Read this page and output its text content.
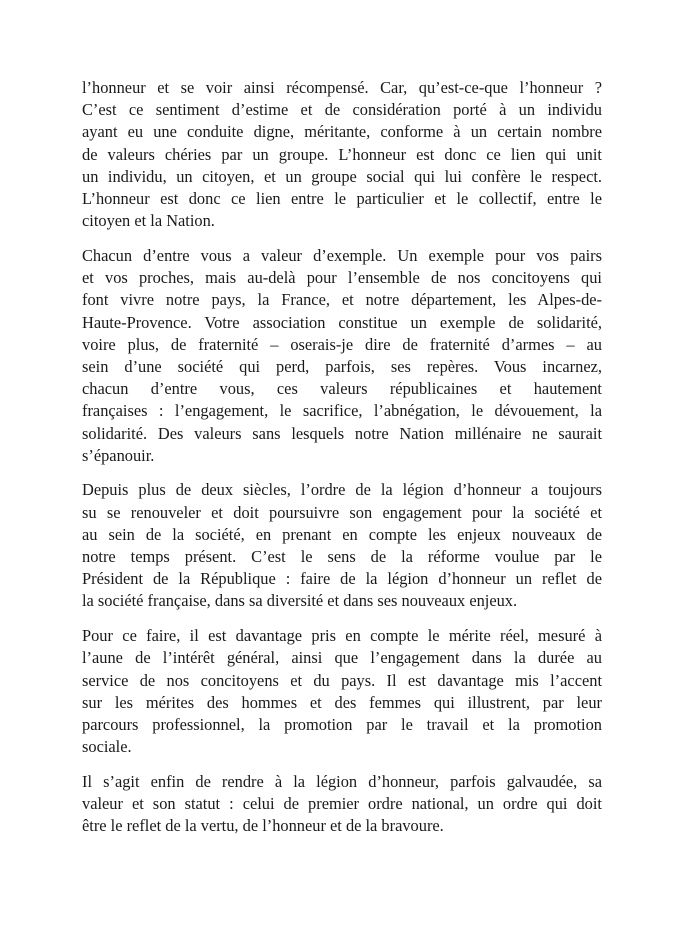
l’honneur et se voir ainsi récompensé. Car, qu’est-ce-que l’honneur ?
C’est ce sentiment d’estime et de considération porté à un individu
ayant eu une conduite digne, méritante, conforme à un certain nombre
de valeurs chéries par un groupe. L’honneur est donc ce lien qui unit
un individu, un citoyen, et un groupe social qui lui confère le respect.
L’honneur est donc ce lien entre le particulier et le collectif, entre le
citoyen et la Nation.

Chacun d’entre vous a valeur d’exemple. Un exemple pour vos pairs
et vos proches, mais au-delà pour l’ensemble de nos concitoyens qui
font vivre notre pays, la France, et notre département, les Alpes-de-
Haute-Provence. Votre association constitue un exemple de solidarité,
voire plus, de fraternité – oserais-je dire de fraternité d’armes – au
sein d’une société qui perd, parfois, ses repères. Vous incarnez,
chacun d’entre vous, ces valeurs républicaines et hautement
françaises : l’engagement, le sacrifice, l’abnégation, le dévouement, la
solidarité. Des valeurs sans lesquels notre Nation millénaire ne saurait
s’épanouir.

Depuis plus de deux siècles, l’ordre de la légion d’honneur a toujours
su se renouveler et doit poursuivre son engagement pour la société et
au sein de la société, en prenant en compte les enjeux nouveaux de
notre temps présent. C’est le sens de la réforme voulue par le
Président de la République : faire de la légion d’honneur un reflet de
la société française, dans sa diversité et dans ses nouveaux enjeux.

Pour ce faire, il est davantage pris en compte le mérite réel, mesuré à
l’aune de l’intérêt général, ainsi que l’engagement dans la durée au
service de nos concitoyens et du pays. Il est davantage mis l’accent
sur les mérites des hommes et des femmes qui illustrent, par leur
parcours professionnel, la promotion par le travail et la promotion
sociale.

Il s’agit enfin de rendre à la légion d’honneur, parfois galvaudée, sa
valeur et son statut : celui de premier ordre national, un ordre qui doit
être le reflet de la vertu, de l’honneur et de la bravoure.
